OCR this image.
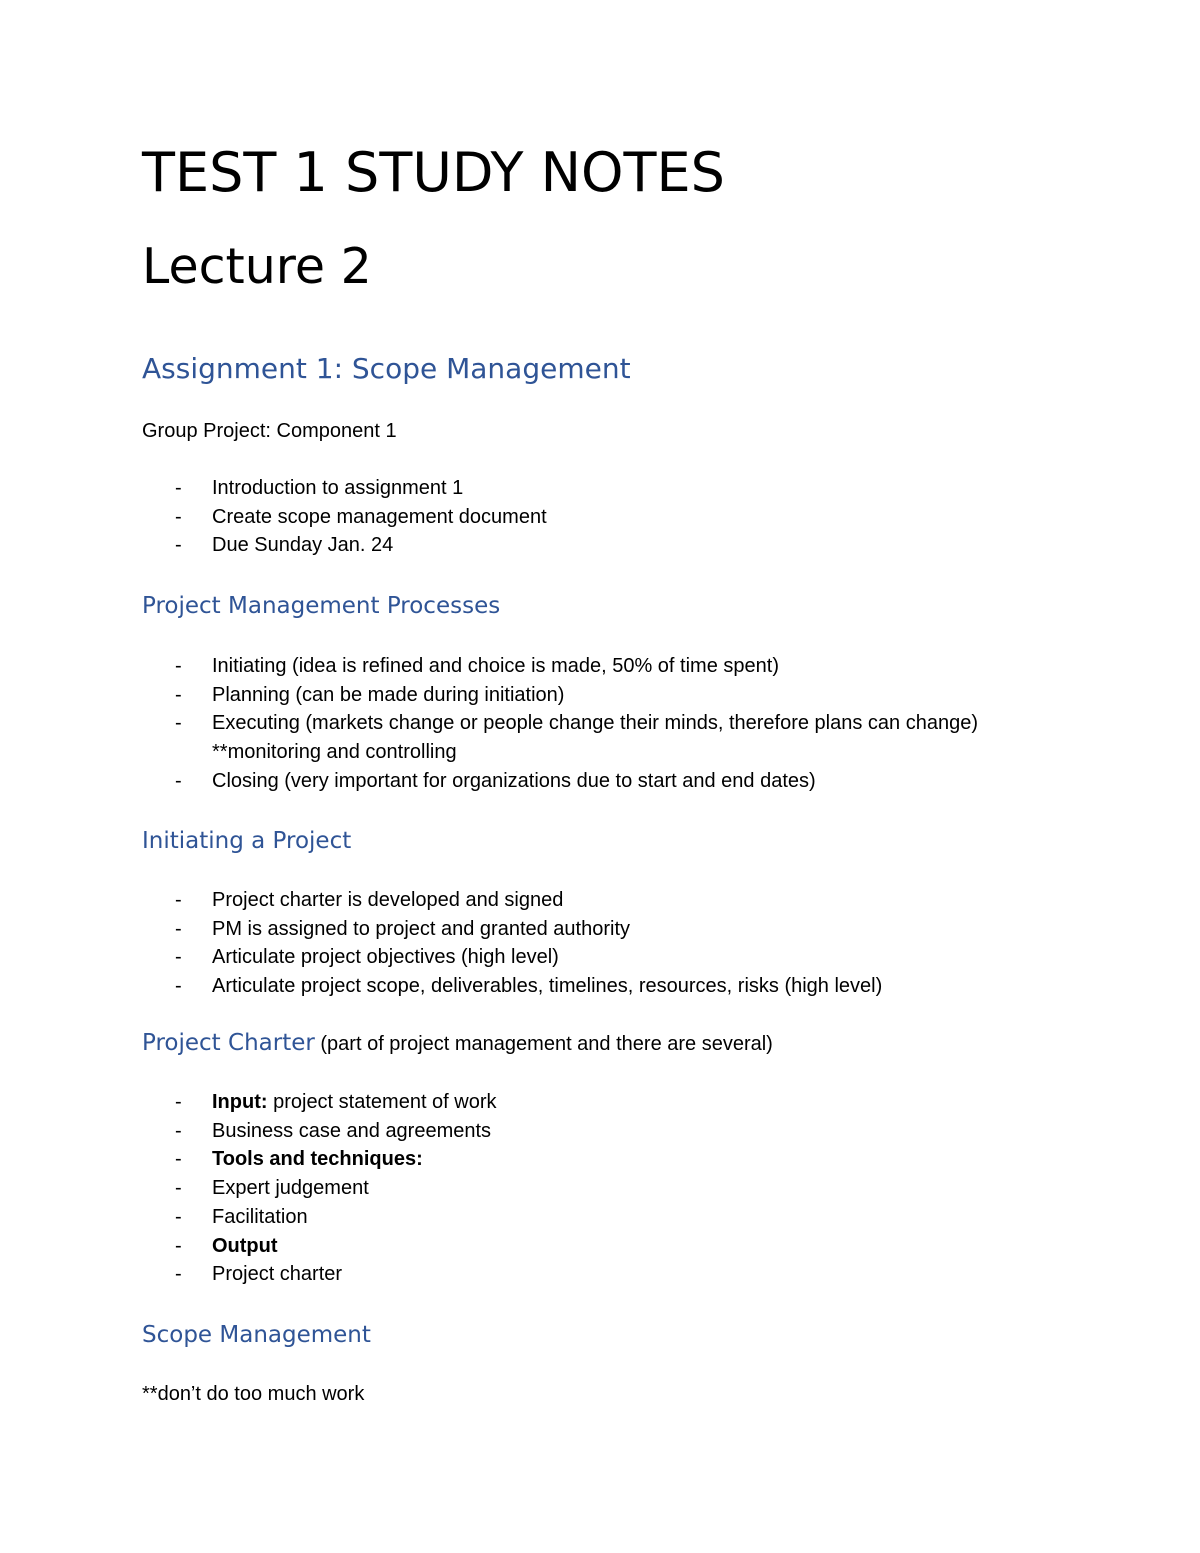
TEST 1 STUDY NOTES
Lecture 2
Assignment 1: Scope Management
Group Project: Component 1
- Introduction to assignment 1
- Create scope management document
- Due Sunday Jan. 24
Project Management Processes
- Initiating (idea is refined and choice is made, 50% of time spent)
- Planning (can be made during initiation)
- Executing (markets change or people change their minds, therefore plans can change)
**monitoring and controlling
- Closing (very important for organizations due to start and end dates)
Initiating a Project
- Project charter is developed and signed
- PM is assigned to project and granted authority
- Articulate project objectives (high level)
- Articulate project scope, deliverables, timelines, resources, risks (high level)
Project Charter (part of project management and there are several)
- Input: project statement of work
- Business case and agreements
- Tools and techniques:
- Expert judgement
- Facilitation
- Output
- Project charter
Scope Management
**don’t do too much work
